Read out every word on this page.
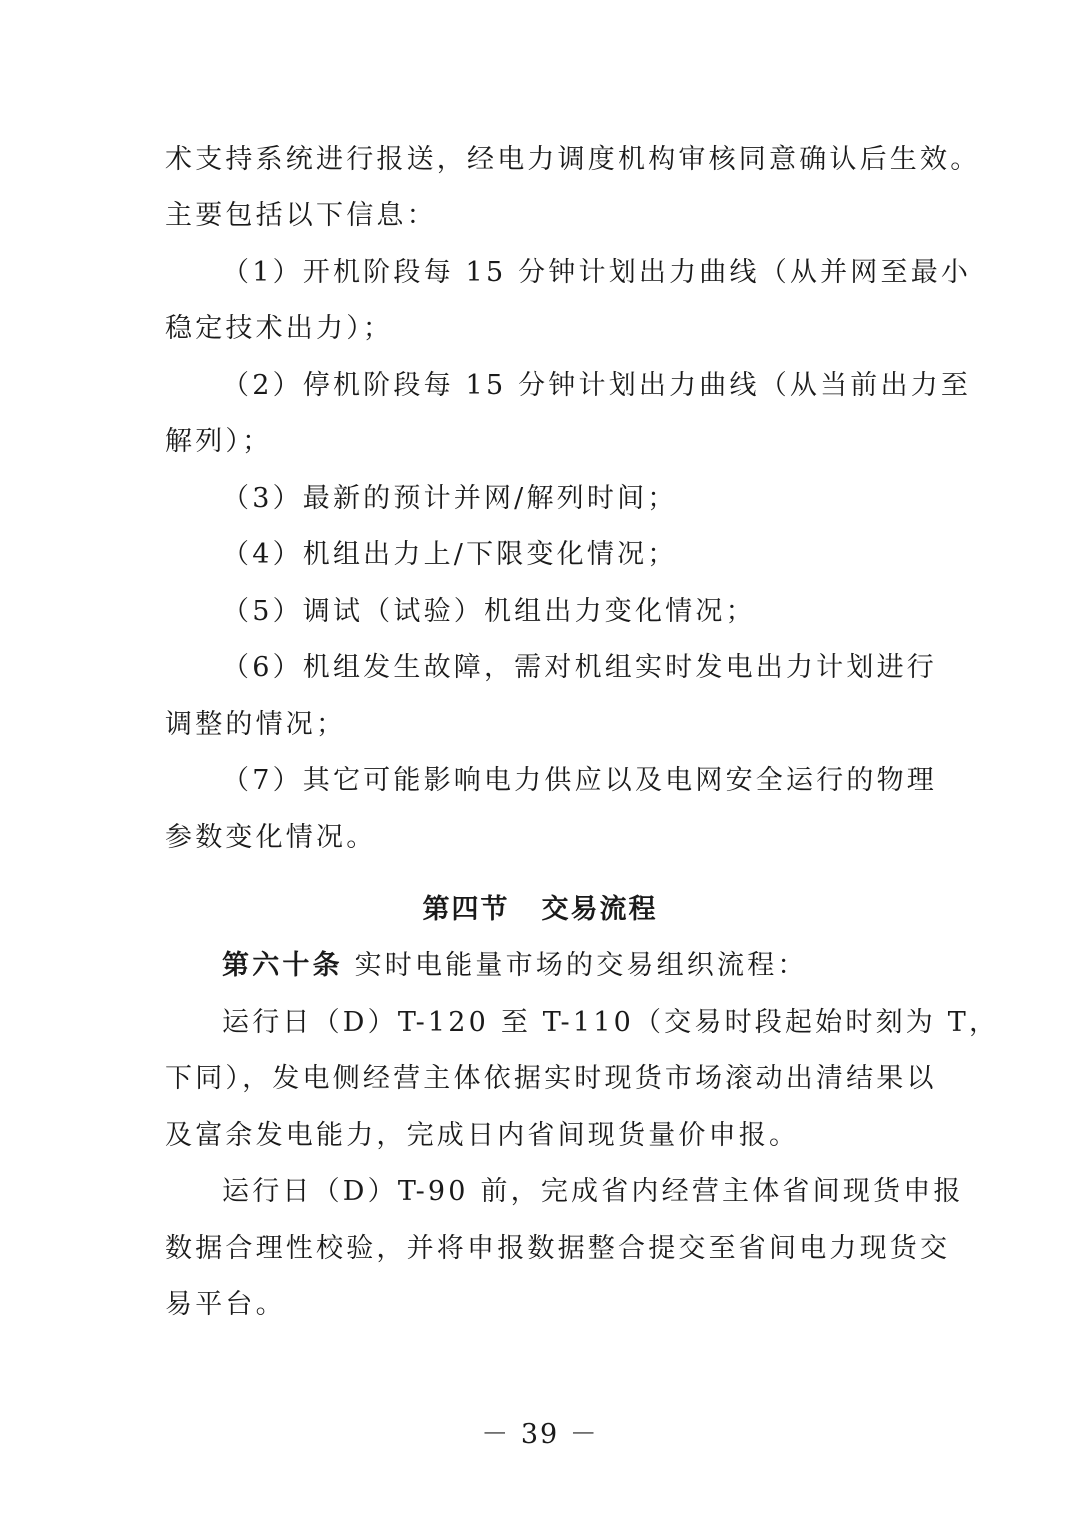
术支持系统进行报送，经电力调度机构审核同意确认后生效。
主要包括以下信息：
（1）开机阶段每 15 分钟计划出力曲线（从并网至最小
稳定技术出力）；
（2）停机阶段每 15 分钟计划出力曲线（从当前出力至
解列）；
（3）最新的预计并网/解列时间；
（4）机组出力上/下限变化情况；
（5）调试（试验）机组出力变化情况；
（6）机组发生故障，需对机组实时发电出力计划进行
调整的情况；
（7）其它可能影响电力供应以及电网安全运行的物理
参数变化情况。
第四节 交易流程
第六十条 实时电能量市场的交易组织流程：
运行日（D）T-120 至 T-110（交易时段起始时刻为 T，
下同），发电侧经营主体依据实时现货市场滚动出清结果以
及富余发电能力，完成日内省间现货量价申报。
运行日（D）T-90 前，完成省内经营主体省间现货申报
数据合理性校验，并将申报数据整合提交至省间电力现货交
易平台。
－ 39 －
